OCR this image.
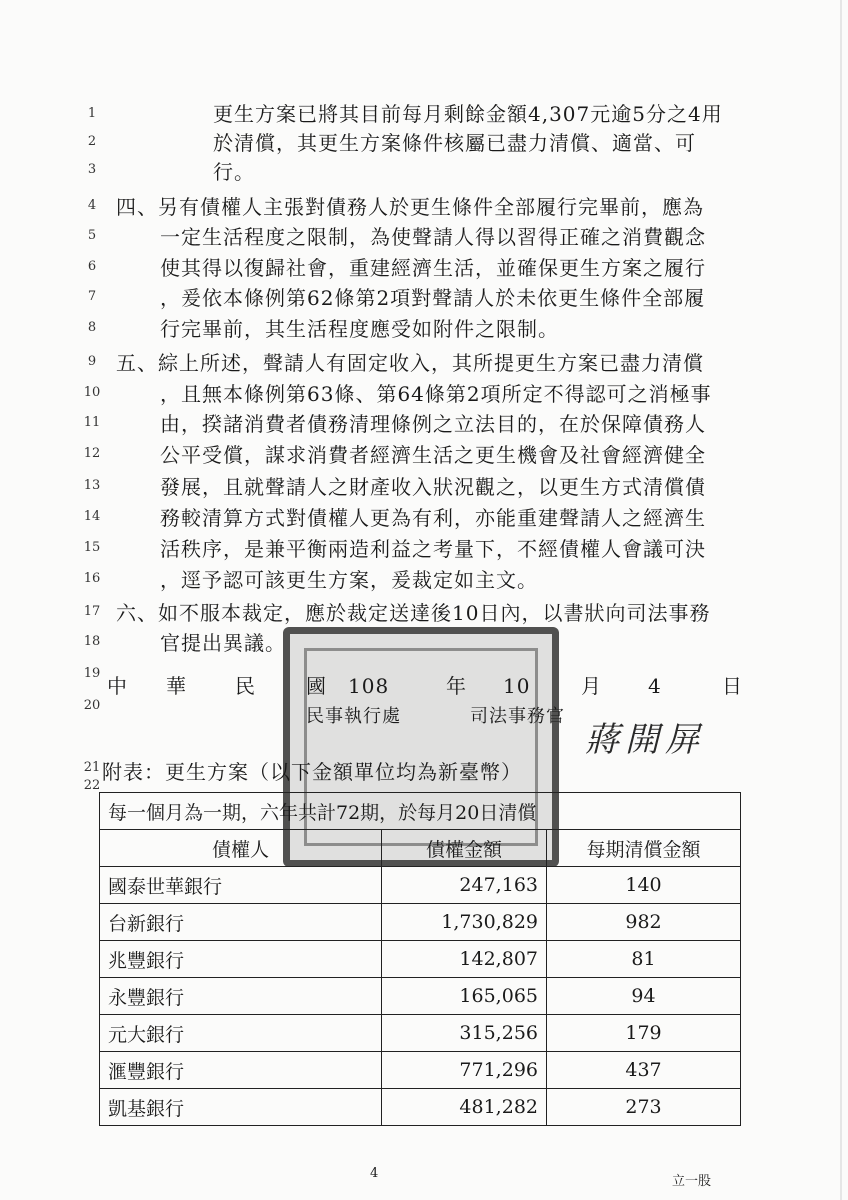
1
2
3
4
5
6
7
8
9
10
11
12
13
14
15
16
17
18
19
20
21
22
更生方案已將其目前每月剩餘金額4,307元逾5分之4用
於清償，其更生方案條件核屬已盡力清償、適當、可
行。
四、另有債權人主張對債務人於更生條件全部履行完畢前，應為
一定生活程度之限制，為使聲請人得以習得正確之消費觀念
使其得以復歸社會，重建經濟生活，並確保更生方案之履行
，爰依本條例第62條第2項對聲請人於未依更生條件全部履
行完畢前，其生活程度應受如附件之限制。
五、綜上所述，聲請人有固定收入，其所提更生方案已盡力清償
，且無本條例第63條、第64條第2項所定不得認可之消極事
由，揆諸消費者債務清理條例之立法目的，在於保障債務人
公平受償，謀求消費者經濟生活之更生機會及社會經濟健全
發展，且就聲請人之財產收入狀況觀之，以更生方式清償債
務較清算方式對債權人更為有利，亦能重建聲請人之經濟生
活秩序，是兼平衡兩造利益之考量下，不經債權人會議可決
，逕予認可該更生方案，爰裁定如主文。
六、如不服本裁定，應於裁定送達後10日內，以書狀向司法事務
官提出異議。
中 華 民	國 108	年 10	月 4	日
民事執行處	司法事務官
蔣開屏
附表：更生方案（以下金額單位均為新臺幣）
每一個月為一期，六年共計72期，於每月20日清償		
債權人	債權金額	每期清償金額
國泰世華銀行	247,163	140
台新銀行	1,730,829	982
兆豐銀行	142,807	81
永豐銀行	165,065	94
元大銀行	315,256	179
滙豐銀行	771,296	437
凱基銀行	481,282	273
4
立一股
